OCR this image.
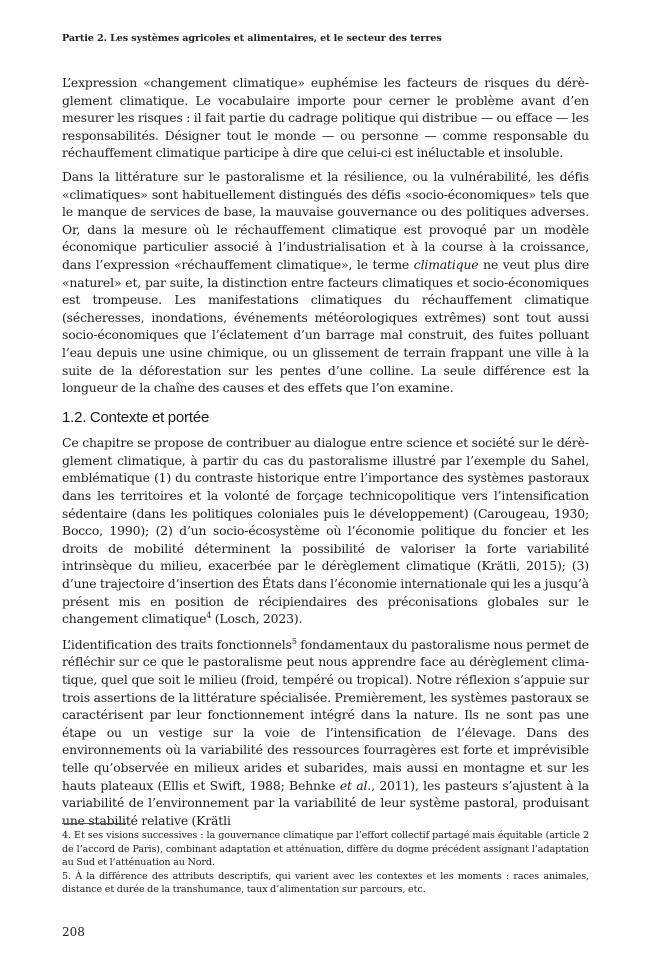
Partie 2. Les systèmes agricoles et alimentaires, et le secteur des terres

L’expression «changement climatique» euphémise les facteurs de risques du dérèglement climatique. Le vocabulaire importe pour cerner le problème avant d’en mesurer les risques : il fait partie du cadrage politique qui distribue — ou efface — les responsabilités. Désigner tout le monde — ou personne — comme responsable du réchauffement climatique participe à dire que celui-ci est inéluctable et insoluble.

Dans la littérature sur le pastoralisme et la résilience, ou la vulnérabilité, les défis «climatiques» sont habituellement distingués des défis «socio-économiques» tels que le manque de services de base, la mauvaise gouvernance ou des politiques adverses. Or, dans la mesure où le réchauffement climatique est provoqué par un modèle économique particulier associé à l’industrialisation et à la course à la croissance, dans l’expression «réchauffement climatique», le terme climatique ne veut plus dire «naturel» et, par suite, la distinction entre facteurs climatiques et socio-économiques est trompeuse. Les manifestations climatiques du réchauffement climatique (sécheresses, inondations, événements météorologiques extrêmes) sont tout aussi socio-économiques que l’éclatement d’un barrage mal construit, des fuites polluant l’eau depuis une usine chimique, ou un glissement de terrain frappant une ville à la suite de la déforestation sur les pentes d’une colline. La seule différence est la longueur de la chaîne des causes et des effets que l’on examine.

1.2. Contexte et portée

Ce chapitre se propose de contribuer au dialogue entre science et société sur le dérèglement climatique, à partir du cas du pastoralisme illustré par l’exemple du Sahel, emblématique (1) du contraste historique entre l’importance des systèmes pastoraux dans les territoires et la volonté de forçage technicopolitique vers l’intensification sédentaire (dans les politiques coloniales puis le développement) (Carougeau, 1930; Bocco, 1990); (2) d’un socio-écosystème où l’économie politique du foncier et les droits de mobilité déterminent la possibilité de valoriser la forte variabilité intrinsèque du milieu, exacerbée par le dérèglement climatique (Krätli, 2015); (3) d’une trajectoire d’insertion des États dans l’économie internationale qui les a jusqu’à présent mis en position de récipiendaires des préconisations globales sur le changement climatique$^4$ (Losch, 2023).

L’identification des traits fonctionnels$^5$ fondamentaux du pastoralisme nous permet de réfléchir sur ce que le pastoralisme peut nous apprendre face au dérèglement climatique, quel que soit le milieu (froid, tempéré ou tropical). Notre réflexion s’appuie sur trois assertions de la littérature spécialisée. Premièrement, les systèmes pastoraux se caractérisent par leur fonctionnement intégré dans la nature. Ils ne sont pas une étape ou un vestige sur la voie de l’intensification de l’élevage. Dans des environnements où la variabilité des ressources fourragères est forte et imprévisible telle qu’observée en milieux arides et subarides, mais aussi en montagne et sur les hauts plateaux (Ellis et Swift, 1988; Behnke et al., 2011), les pasteurs s’ajustent à la variabilité de l’environnement par la variabilité de leur système pastoral, produisant une stabilité relative (Krätli

4. Et ses visions successives : la gouvernance climatique par l’effort collectif partagé mais équitable (article 2 de l’accord de Paris), combinant adaptation et atténuation, diffère du dogme précédent assignant l’adaptation au Sud et l’atténuation au Nord.

5. À la différence des attributs descriptifs, qui varient avec les contextes et les moments : races animales, distance et durée de la transhumance, taux d’alimentation sur parcours, etc.

208
